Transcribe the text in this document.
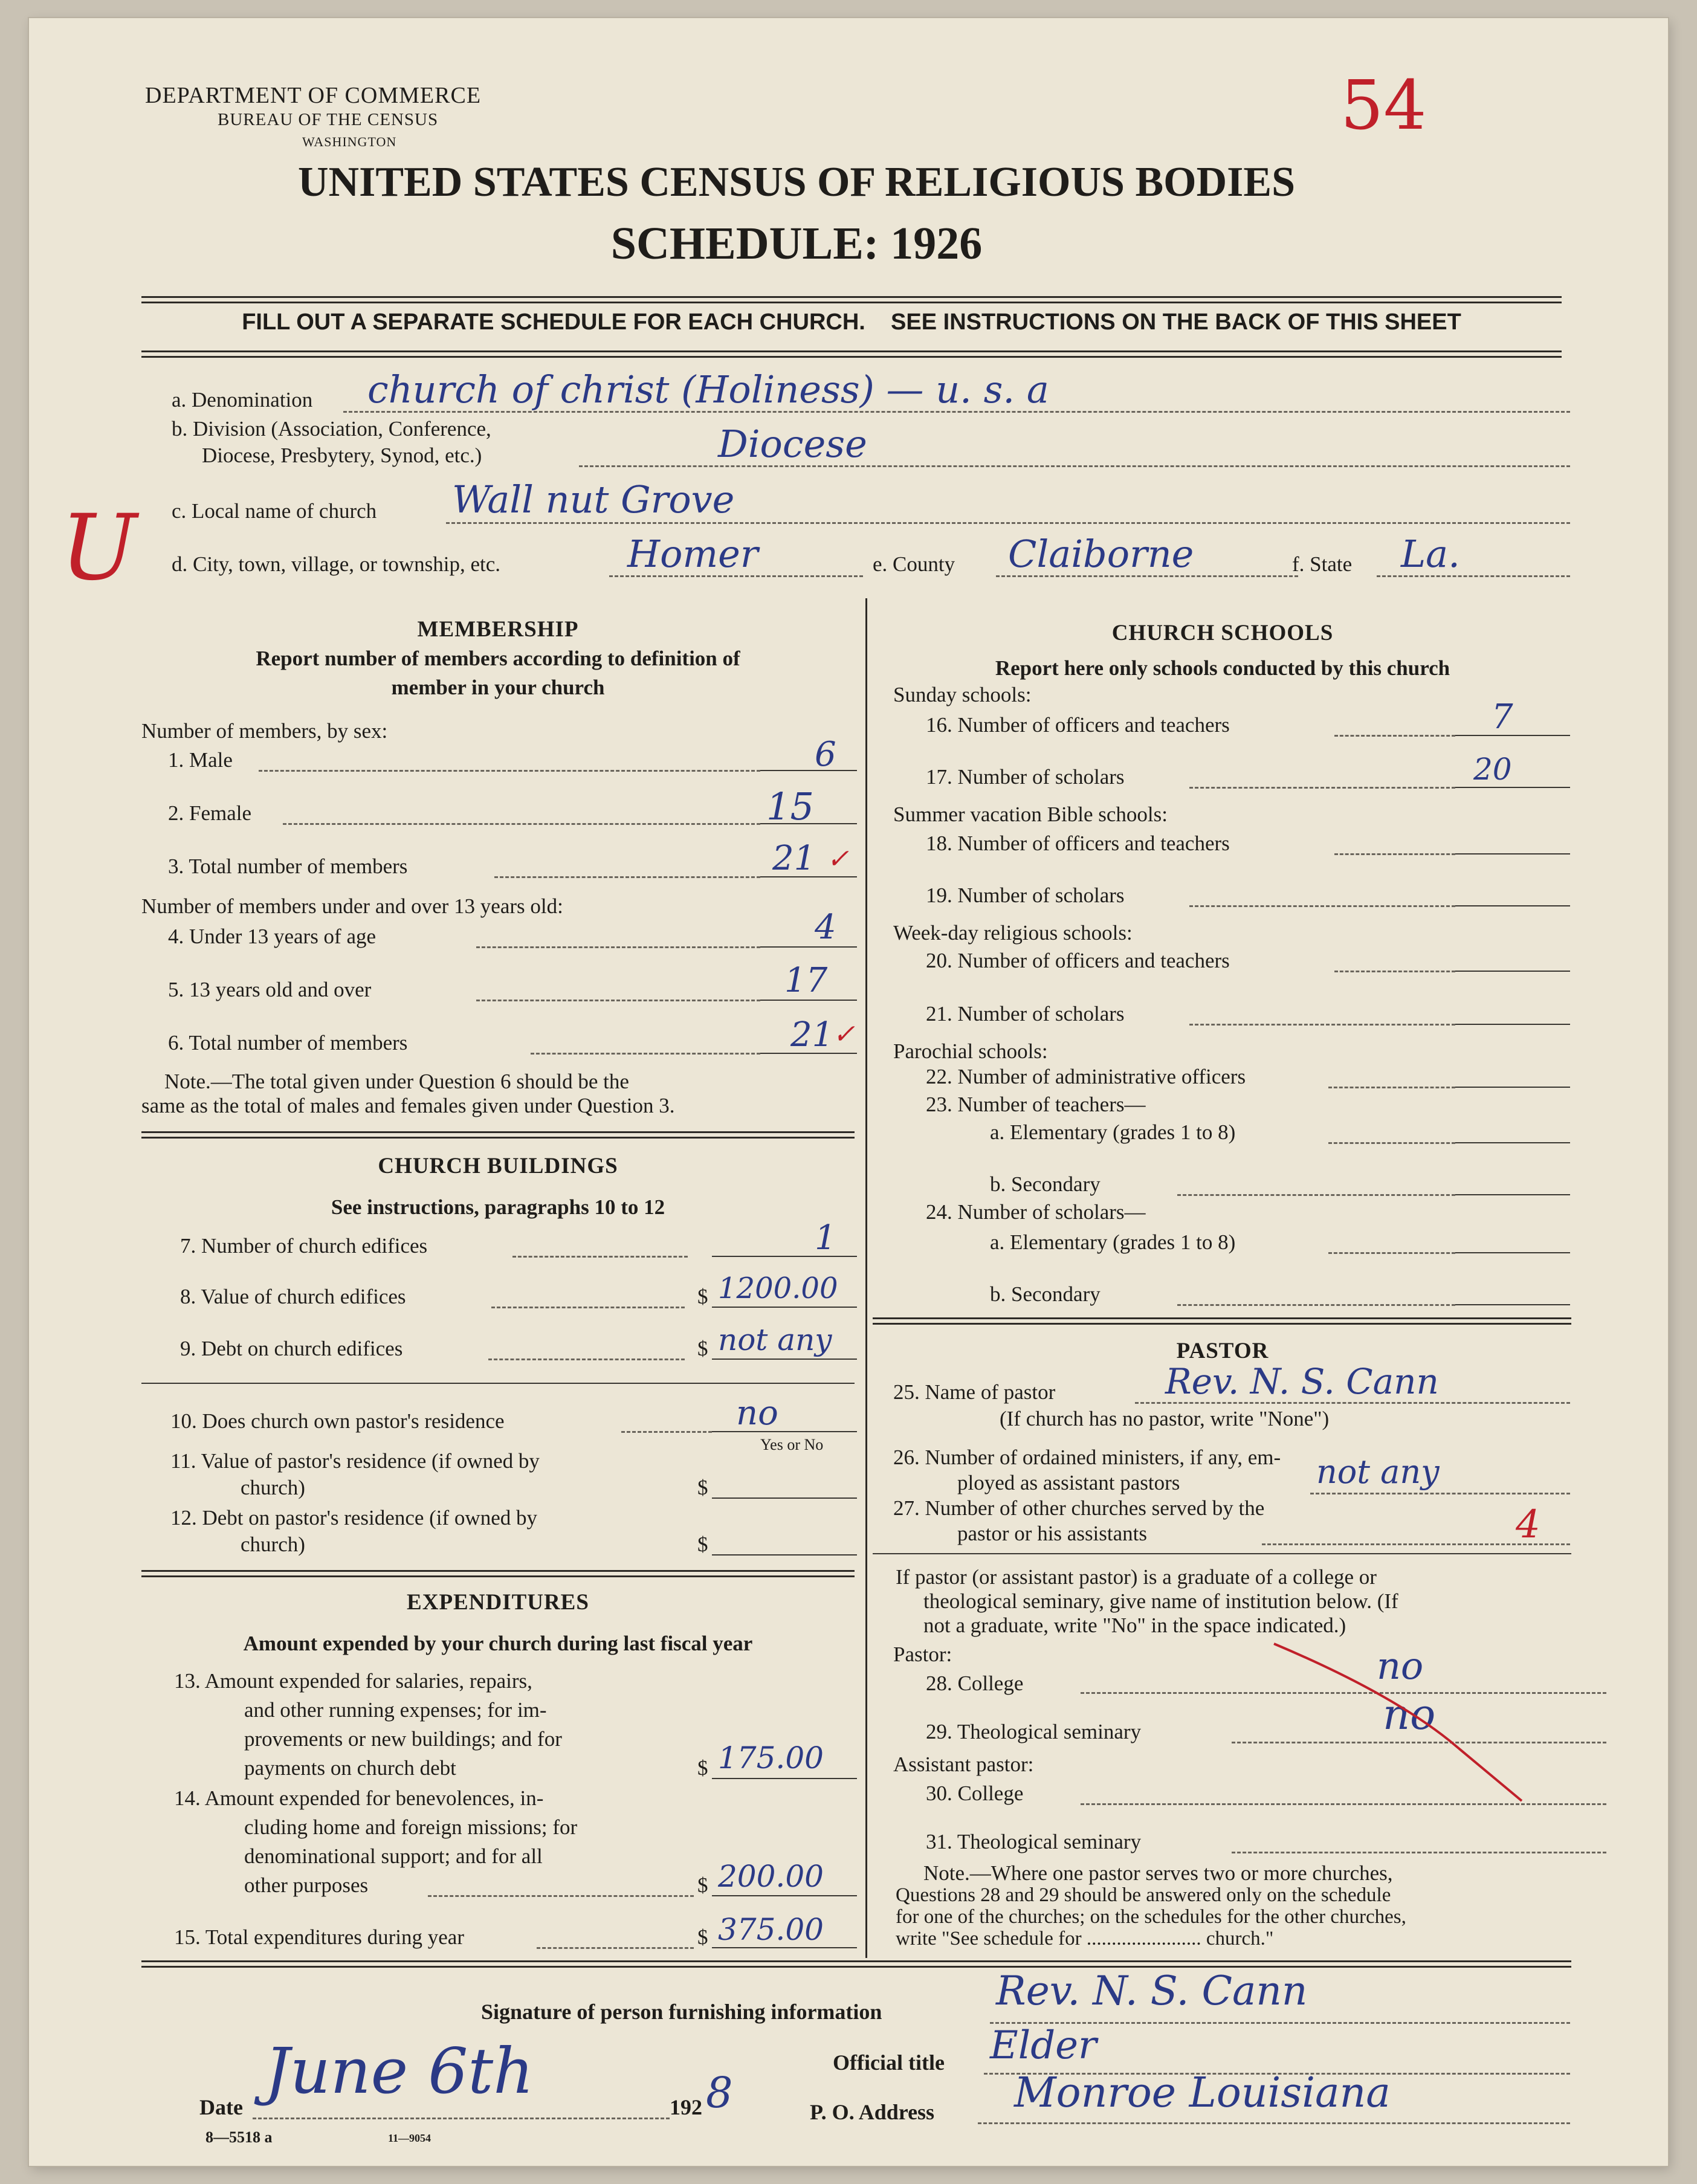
DEPARTMENT OF COMMERCE
BUREAU OF THE CENSUS
WASHINGTON	54
UNITED STATES CENSUS OF RELIGIOUS BODIES
SCHEDULE: 1926
FILL OUT A SEPARATE SCHEDULE FOR EACH CHURCH.    SEE INSTRUCTIONS ON THE BACK OF THIS SHEET
a. Denomination church of christ (Holiness) — u. s. a
b. Division (Association, Conference,
Diocese, Presbytery, Synod, etc.)	Diocese
U c. Local name of church Wall nut Grove
d. City, town, village, or township, etc.	Homer	e. County Claiborne	f. State La.
MEMBERSHIP
Report number of members according to definition of
member in your church
Number of members, by sex:
1. Male	6
2. Female	15
3. Total number of members	21 ✓
Number of members under and over 13 years old:
4. Under 13 years of age	4
5. 13 years old and over	17
6. Total number of members	21
✓
Note.—The total given under Question 6 should be the
same as the total of males and females given under Question 3.
CHURCH BUILDINGS
See instructions, paragraphs 10 to 12
7. Number of church edifices	1
8. Value of church edifices	$ 1200.00
9. Debt on church edifices	$ not any
10. Does church own pastor's residence	no
Yes or No
11. Value of pastor's residence (if owned by
church)	$
12. Debt on pastor's residence (if owned by
church)	$
EXPENDITURES
Amount expended by your church during last fiscal year
13. Amount expended for salaries, repairs,
and other running expenses; for im-
provements or new buildings; and for
payments on church debt	$ 175.00
14. Amount expended for benevolences, in-
cluding home and foreign missions; for
denominational support; and for all
other purposes	$ 200.00
15. Total expenditures during year	$ 375.00
CHURCH SCHOOLS
Report here only schools conducted by this church
Sunday schools:
16. Number of officers and teachers	7
17. Number of scholars	20
Summer vacation Bible schools:
18. Number of officers and teachers
19. Number of scholars
Week-day religious schools:
20. Number of officers and teachers
21. Number of scholars
Parochial schools:
22. Number of administrative officers
23. Number of teachers—
a. Elementary (grades 1 to 8)
b. Secondary
24. Number of scholars—
a. Elementary (grades 1 to 8)
b. Secondary
PASTOR
25. Name of pastor	Rev. N. S. Cann
(If church has no pastor, write "None")
26. Number of ordained ministers, if any, em-
ployed as assistant pastors	not any
27. Number of other churches served by the
pastor or his assistants	4
If pastor (or assistant pastor) is a graduate of a college or
theological seminary, give name of institution below. (If
not a graduate, write "No" in the space indicated.)
Pastor:
28. College	no
29. Theological seminary	no
Assistant pastor:
30. College
31. Theological seminary
Note.—Where one pastor serves two or more churches,
Questions 28 and 29 should be answered only on the schedule
for one of the churches; on the schedules for the other churches,
write "See schedule for ....................... church."
Signature of person furnishing information	Rev. N. S. Cann
Official title Elder
Date June 6th	192 8	P. O. Address Monroe Louisiana
8—5518 a	11—9054
